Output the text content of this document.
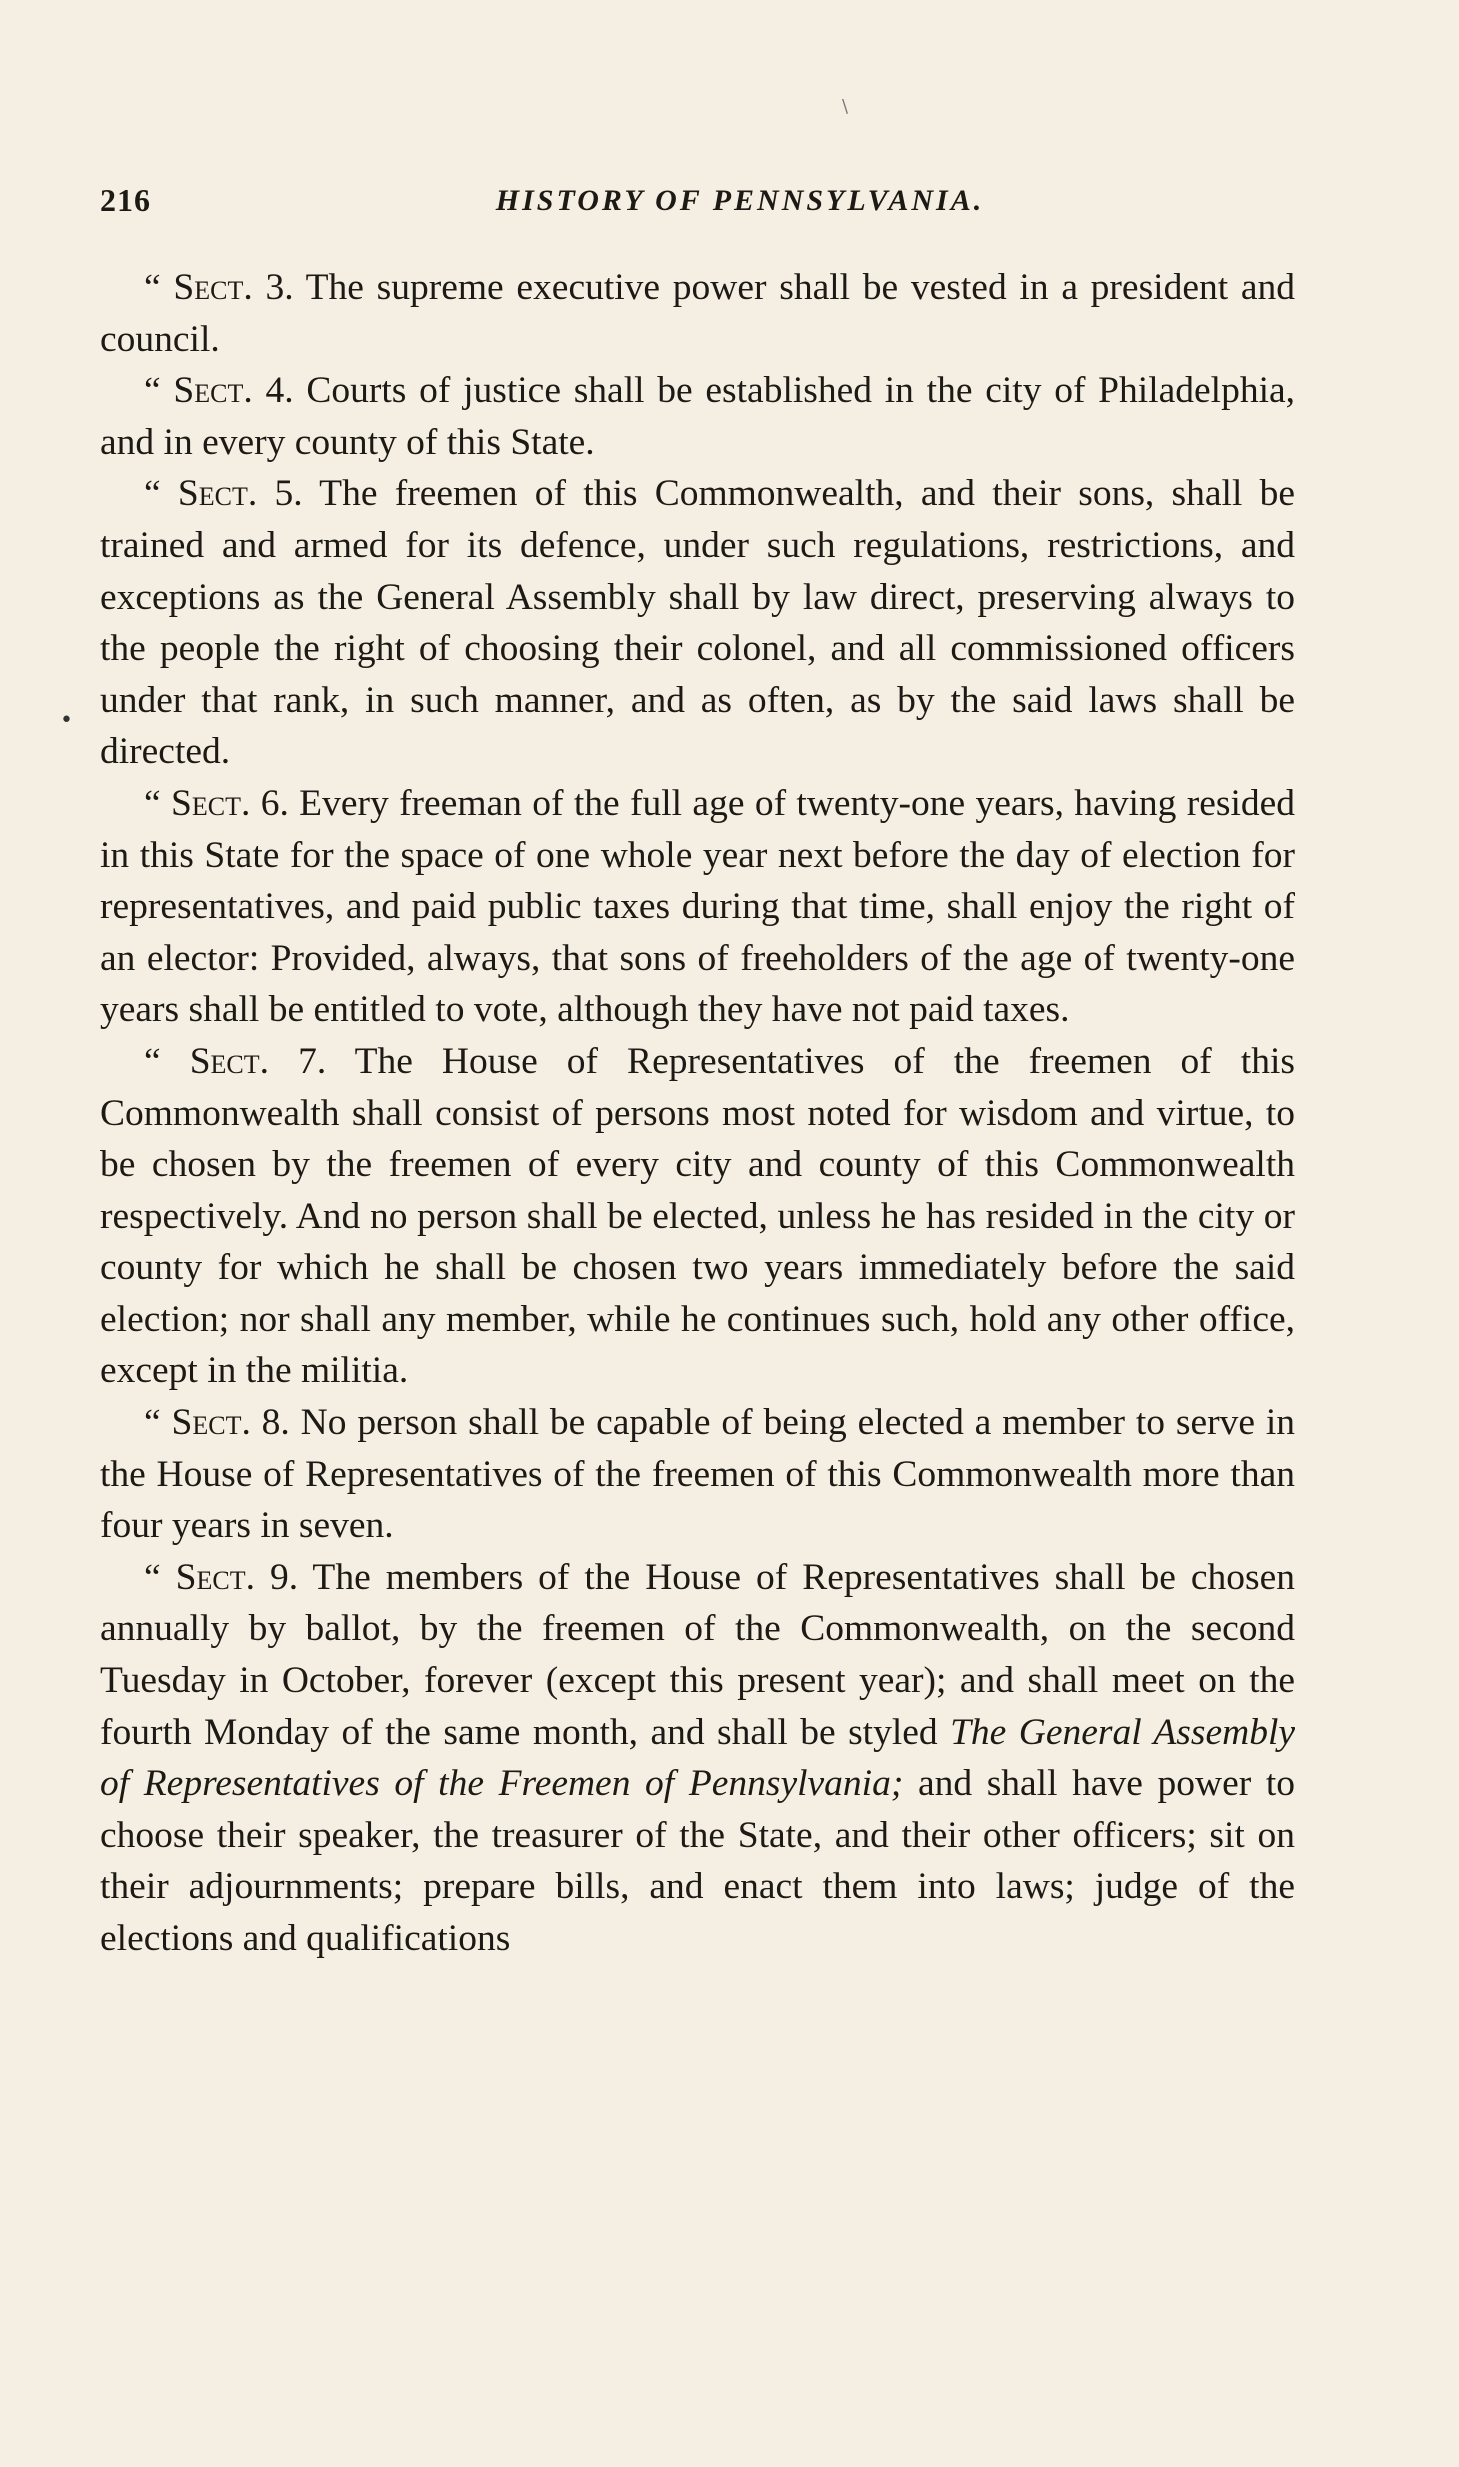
\
•
216	HISTORY OF PENNSYLVANIA.

“ Sect. 3. The supreme executive power shall be vested in a president and council.

“ Sect. 4. Courts of justice shall be established in the city of Philadelphia, and in every county of this State.

“ Sect. 5. The freemen of this Commonwealth, and their sons, shall be trained and armed for its defence, under such regulations, restrictions, and exceptions as the General Assembly shall by law direct, preserving always to the people the right of choosing their colonel, and all commissioned officers under that rank, in such manner, and as often, as by the said laws shall be directed.

“ Sect. 6. Every freeman of the full age of twenty-one years, having resided in this State for the space of one whole year next before the day of election for representatives, and paid public taxes during that time, shall enjoy the right of an elector: Provided, always, that sons of freeholders of the age of twenty-one years shall be entitled to vote, although they have not paid taxes.

“ Sect. 7. The House of Representatives of the freemen of this Commonwealth shall consist of persons most noted for wisdom and virtue, to be chosen by the freemen of every city and county of this Commonwealth respectively. And no person shall be elected, unless he has resided in the city or county for which he shall be chosen two years immediately before the said election; nor shall any member, while he continues such, hold any other office, except in the militia.

“ Sect. 8. No person shall be capable of being elected a member to serve in the House of Representatives of the freemen of this Commonwealth more than four years in seven.

“ Sect. 9. The members of the House of Representatives shall be chosen annually by ballot, by the freemen of the Commonwealth, on the second Tuesday in October, forever (except this present year); and shall meet on the fourth Monday of the same month, and shall be styled The General Assembly of Representatives of the Freemen of Pennsylvania; and shall have power to choose their speaker, the treasurer of the State, and their other officers; sit on their adjournments; prepare bills, and enact them into laws; judge of the elections and qualifications
